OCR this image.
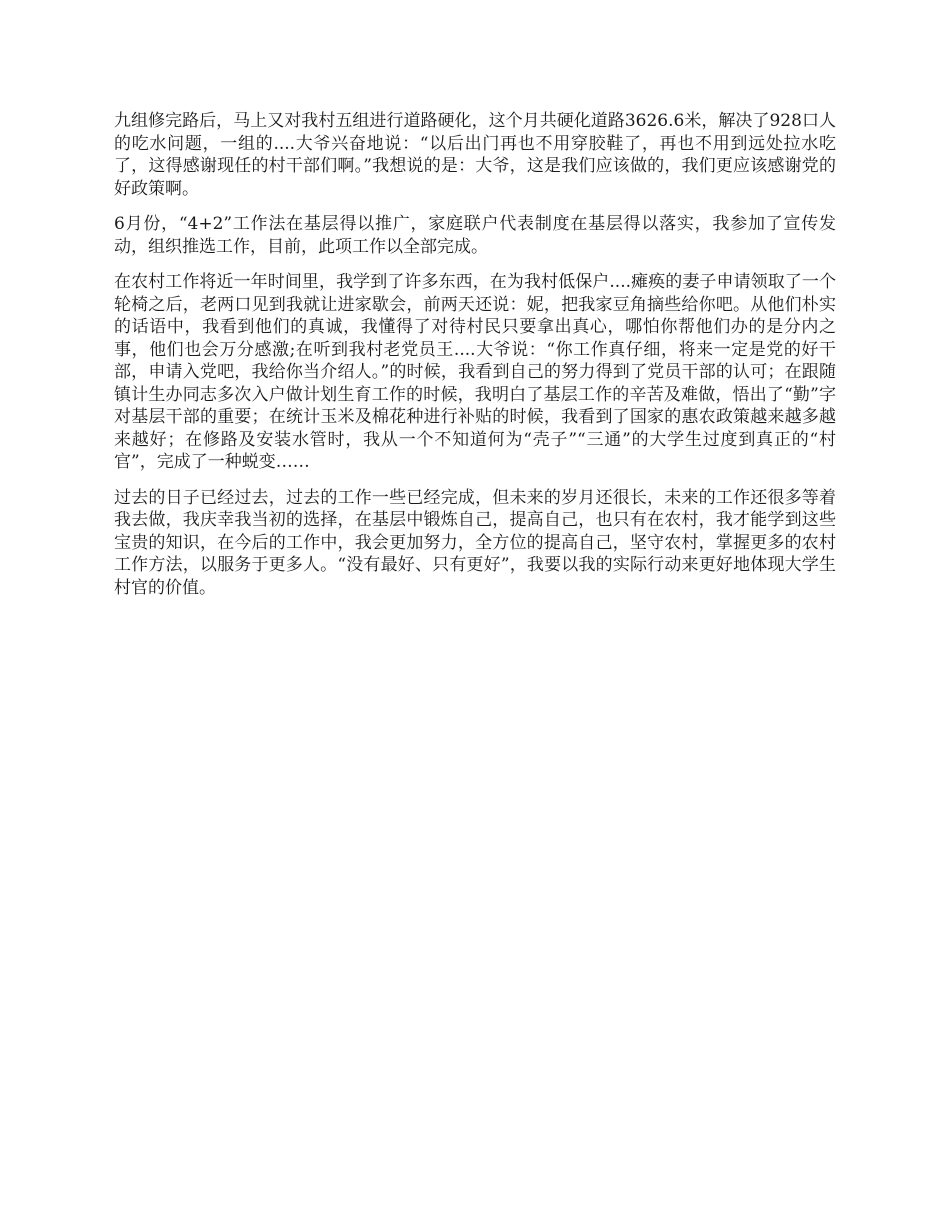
九组修完路后，马上又对我村五组进行道路硬化，这个月共硬化道路3626.6米，解决了928口人的吃水问题，一组的....大爷兴奋地说：“以后出门再也不用穿胶鞋了，再也不用到远处拉水吃了，这得感谢现任的村干部们啊。”我想说的是：大爷，这是我们应该做的，我们更应该感谢党的好政策啊。

6月份，“4+2”工作法在基层得以推广，家庭联户代表制度在基层得以落实，我参加了宣传发动，组织推选工作，目前，此项工作以全部完成。

在农村工作将近一年时间里，我学到了许多东西，在为我村低保户....瘫痪的妻子申请领取了一个轮椅之后，老两口见到我就让进家歇会，前两天还说：妮，把我家豆角摘些给你吧。从他们朴实的话语中，我看到他们的真诚，我懂得了对待村民只要拿出真心，哪怕你帮他们办的是分内之事，他们也会万分感激;在听到我村老党员王....大爷说：“你工作真仔细，将来一定是党的好干部，申请入党吧，我给你当介绍人。”的时候，我看到自己的努力得到了党员干部的认可；在跟随镇计生办同志多次入户做计划生育工作的时候，我明白了基层工作的辛苦及难做，悟出了“勤”字对基层干部的重要；在统计玉米及棉花种进行补贴的时候，我看到了国家的惠农政策越来越多越来越好；在修路及安装水管时，我从一个不知道何为“壳子”“三通”的大学生过度到真正的“村官”，完成了一种蜕变……

过去的日子已经过去，过去的工作一些已经完成，但未来的岁月还很长，未来的工作还很多等着我去做，我庆幸我当初的选择，在基层中锻炼自己，提高自己，也只有在农村，我才能学到这些宝贵的知识，在今后的工作中，我会更加努力，全方位的提高自己，坚守农村，掌握更多的农村工作方法，以服务于更多人。“没有最好、只有更好”，我要以我的实际行动来更好地体现大学生村官的价值。
